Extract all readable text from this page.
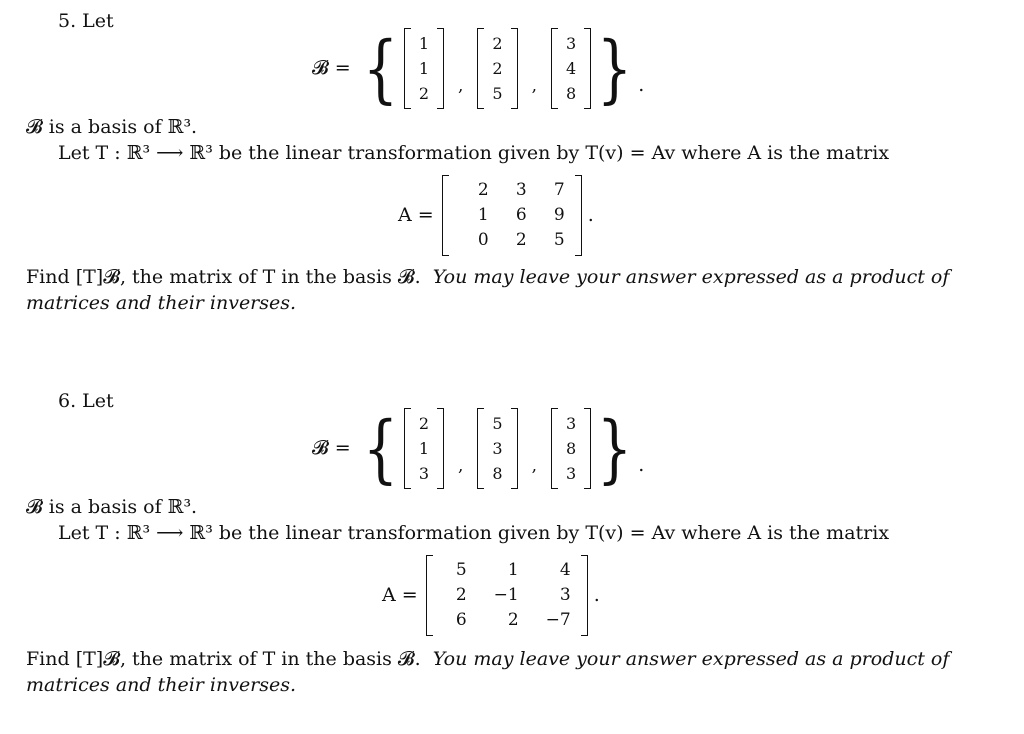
5. Let
𝓑 = { 1
1
2	,
2
2
5	,
3
4
8 } .
𝓑 is a basis of ℝ³.
Let T : ℝ³ ⟶ ℝ³ be the linear transformation given by T(v) = Av where A is the matrix
A =
2	3	7
1	6	9
0	2	5
.
Find [T]𝓑, the matrix of T in the basis 𝓑. You may leave your answer expressed as a product of
matrices and their inverses.
6. Let
𝓑 = { 2
1
3	,
5
3
8	,
3
8
3 } .
𝓑 is a basis of ℝ³.
Let T : ℝ³ ⟶ ℝ³ be the linear transformation given by T(v) = Av where A is the matrix
A =
5	1	4
2	−1	3
6	2	−7
.
Find [T]𝓑, the matrix of T in the basis 𝓑. You may leave your answer expressed as a product of
matrices and their inverses.
